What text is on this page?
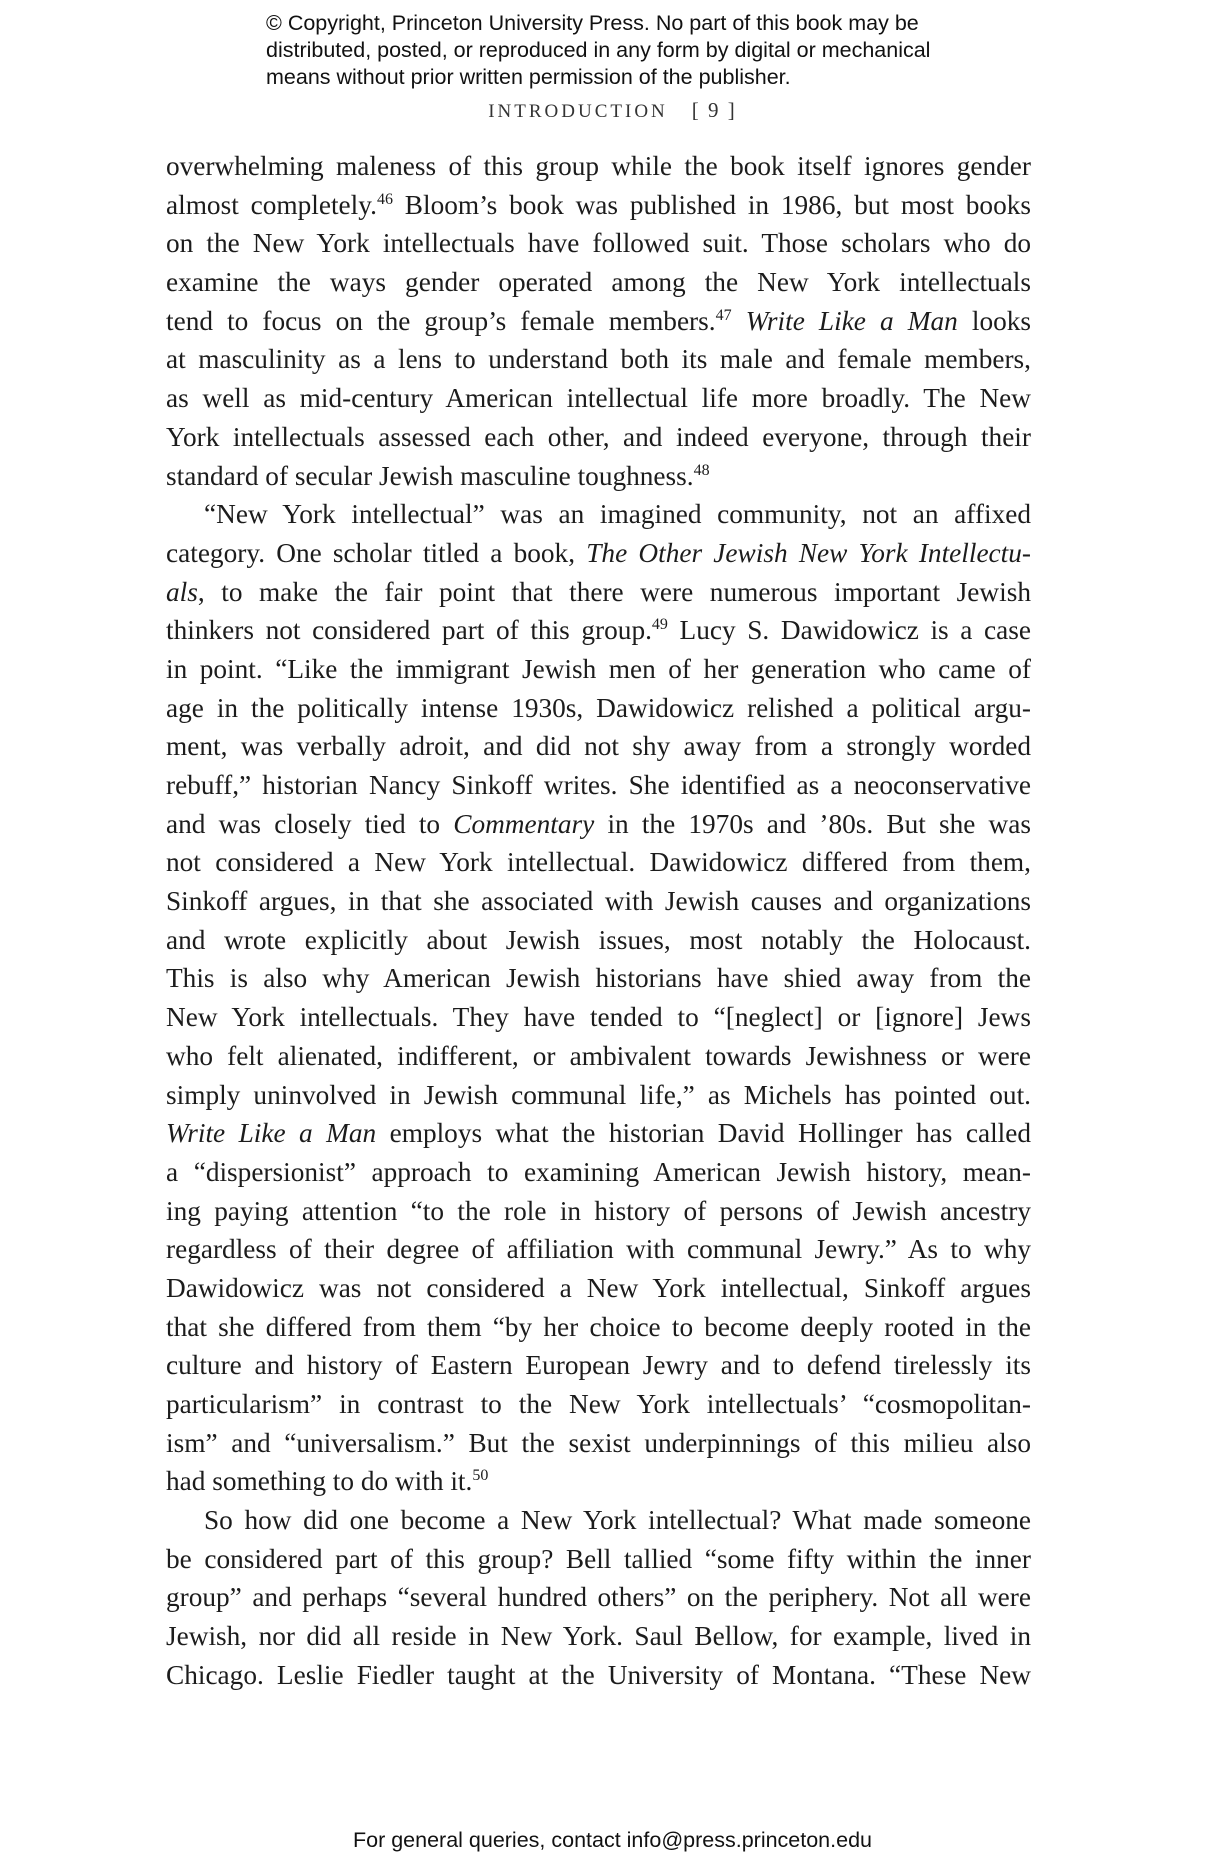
© Copyright, Princeton University Press. No part of this book may be
distributed, posted, or reproduced in any form by digital or mechanical
means without prior written permission of the publisher.
INTRODUCTION [ 9 ]
overwhelming maleness of this group while the book itself ignores gender
almost completely.$^{46}$ Bloom’s book was published in 1986, but most books
on the New York intellectuals have followed suit. Those scholars who do
examine the ways gender operated among the New York intellectuals
tend to focus on the group’s female members.$^{47}$ Write Like a Man looks
at masculinity as a lens to understand both its male and female members,
as well as mid-century American intellectual life more broadly. The New
York intellectuals assessed each other, and indeed everyone, through their
standard of secular Jewish masculine toughness.$^{48}$
“New York intellectual” was an imagined community, not an affixed
category. One scholar titled a book, The Other Jewish New York Intellectu-
als, to make the fair point that there were numerous important Jewish
thinkers not considered part of this group.$^{49}$ Lucy S. Dawidowicz is a case
in point. “Like the immigrant Jewish men of her generation who came of
age in the politically intense 1930s, Dawidowicz relished a political argu-
ment, was verbally adroit, and did not shy away from a strongly worded
rebuff,” historian Nancy Sinkoff writes. She identified as a neoconservative
and was closely tied to Commentary in the 1970s and ’80s. But she was
not considered a New York intellectual. Dawidowicz differed from them,
Sinkoff argues, in that she associated with Jewish causes and organizations
and wrote explicitly about Jewish issues, most notably the Holocaust.
This is also why American Jewish historians have shied away from the
New York intellectuals. They have tended to “[neglect] or [ignore] Jews
who felt alienated, indifferent, or ambivalent towards Jewishness or were
simply uninvolved in Jewish communal life,” as Michels has pointed out.
Write Like a Man employs what the historian David Hollinger has called
a “dispersionist” approach to examining American Jewish history, mean-
ing paying attention “to the role in history of persons of Jewish ancestry
regardless of their degree of affiliation with communal Jewry.” As to why
Dawidowicz was not considered a New York intellectual, Sinkoff argues
that she differed from them “by her choice to become deeply rooted in the
culture and history of Eastern European Jewry and to defend tirelessly its
particularism” in contrast to the New York intellectuals’ “cosmopolitan-
ism” and “universalism.” But the sexist underpinnings of this milieu also
had something to do with it.$^{50}$
So how did one become a New York intellectual? What made someone
be considered part of this group? Bell tallied “some fifty within the inner
group” and perhaps “several hundred others” on the periphery. Not all were
Jewish, nor did all reside in New York. Saul Bellow, for example, lived in
Chicago. Leslie Fiedler taught at the University of Montana. “These New
For general queries, contact info@press.princeton.edu
